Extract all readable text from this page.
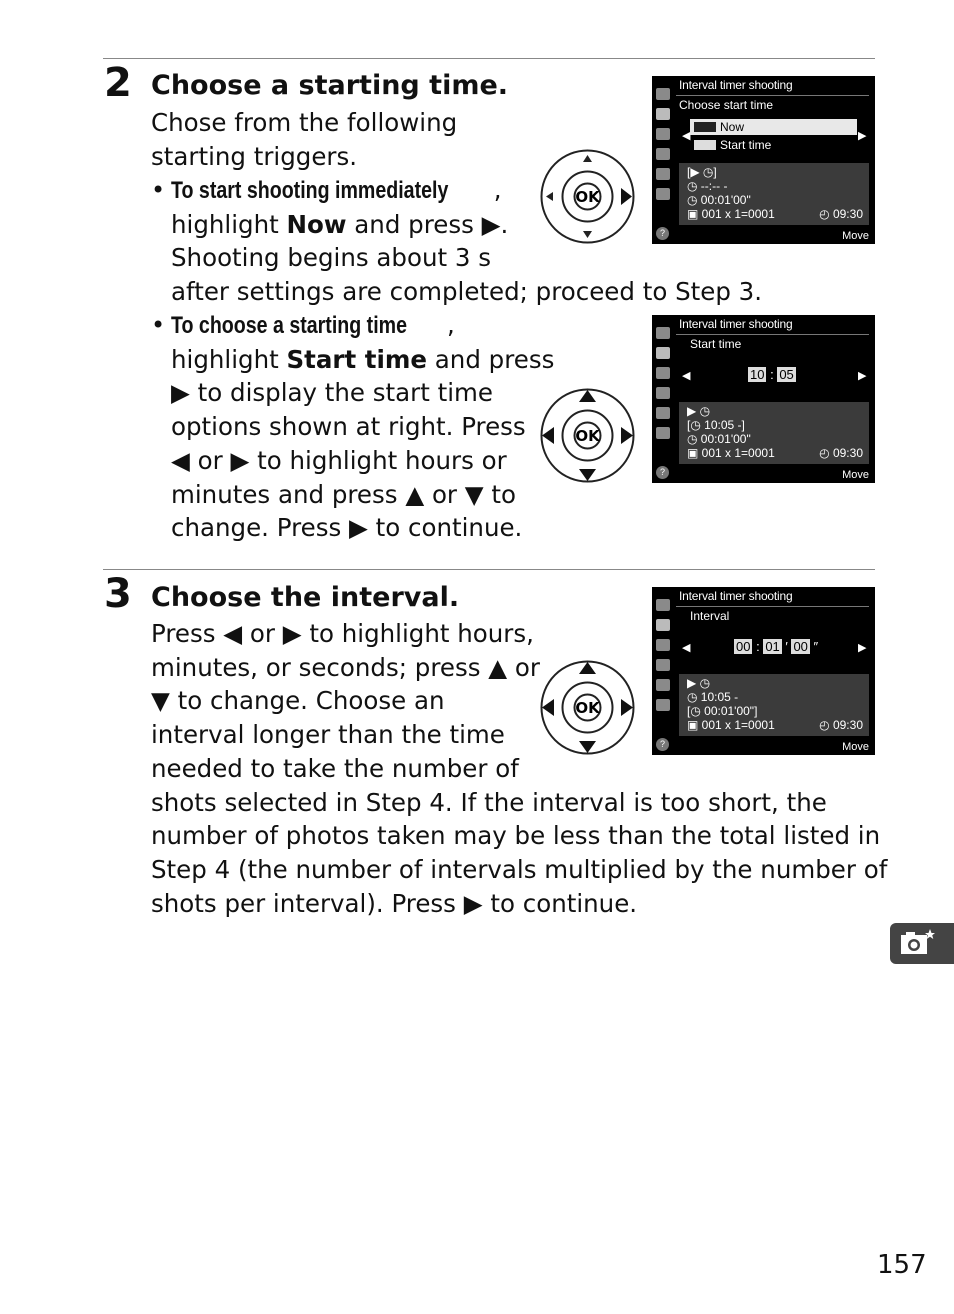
2 Choose a starting time.
Chose from the following
starting triggers.
• To start shooting immediately ,
highlight Now and press ▶.
Shooting begins about 3 s
after settings are completed; proceed to Step 3.
• To choose a starting time ,
highlight Start time and press
▶ to display the start time
options shown at right. Press
◀ or ▶ to highlight hours or
minutes and press ▲ or ▼ to
change. Press ▶ to continue.
OK
Interval timer shooting
Choose start time
◀	▶
Now
Start time
[▶ ◷]
◷ --:-- -
◷ 00:01'00"
▣ 001 x 1=0001	◴ 09:30
?	Move
OK
Interval timer shooting
Start time
◀	▶
10 : 05
▶ ◷
[◷ 10:05 -]
◷ 00:01'00"
▣ 001 x 1=0001	◴ 09:30
?	Move
3 Choose the interval.
Press ◀ or ▶ to highlight hours,
minutes, or seconds; press ▲ or
▼ to change. Choose an
interval longer than the time
needed to take the number of
shots selected in Step 4. If the interval is too short, the
number of photos taken may be less than the total listed in
Step 4 (the number of intervals multiplied by the number of
shots per interval). Press ▶ to continue.
OK
Interval timer shooting
Interval
◀	▶
00 : 01 ′ 00 ″
▶ ◷
◷ 10:05 -
[◷ 00:01'00"]
▣ 001 x 1=0001	◴ 09:30
?	Move
157
